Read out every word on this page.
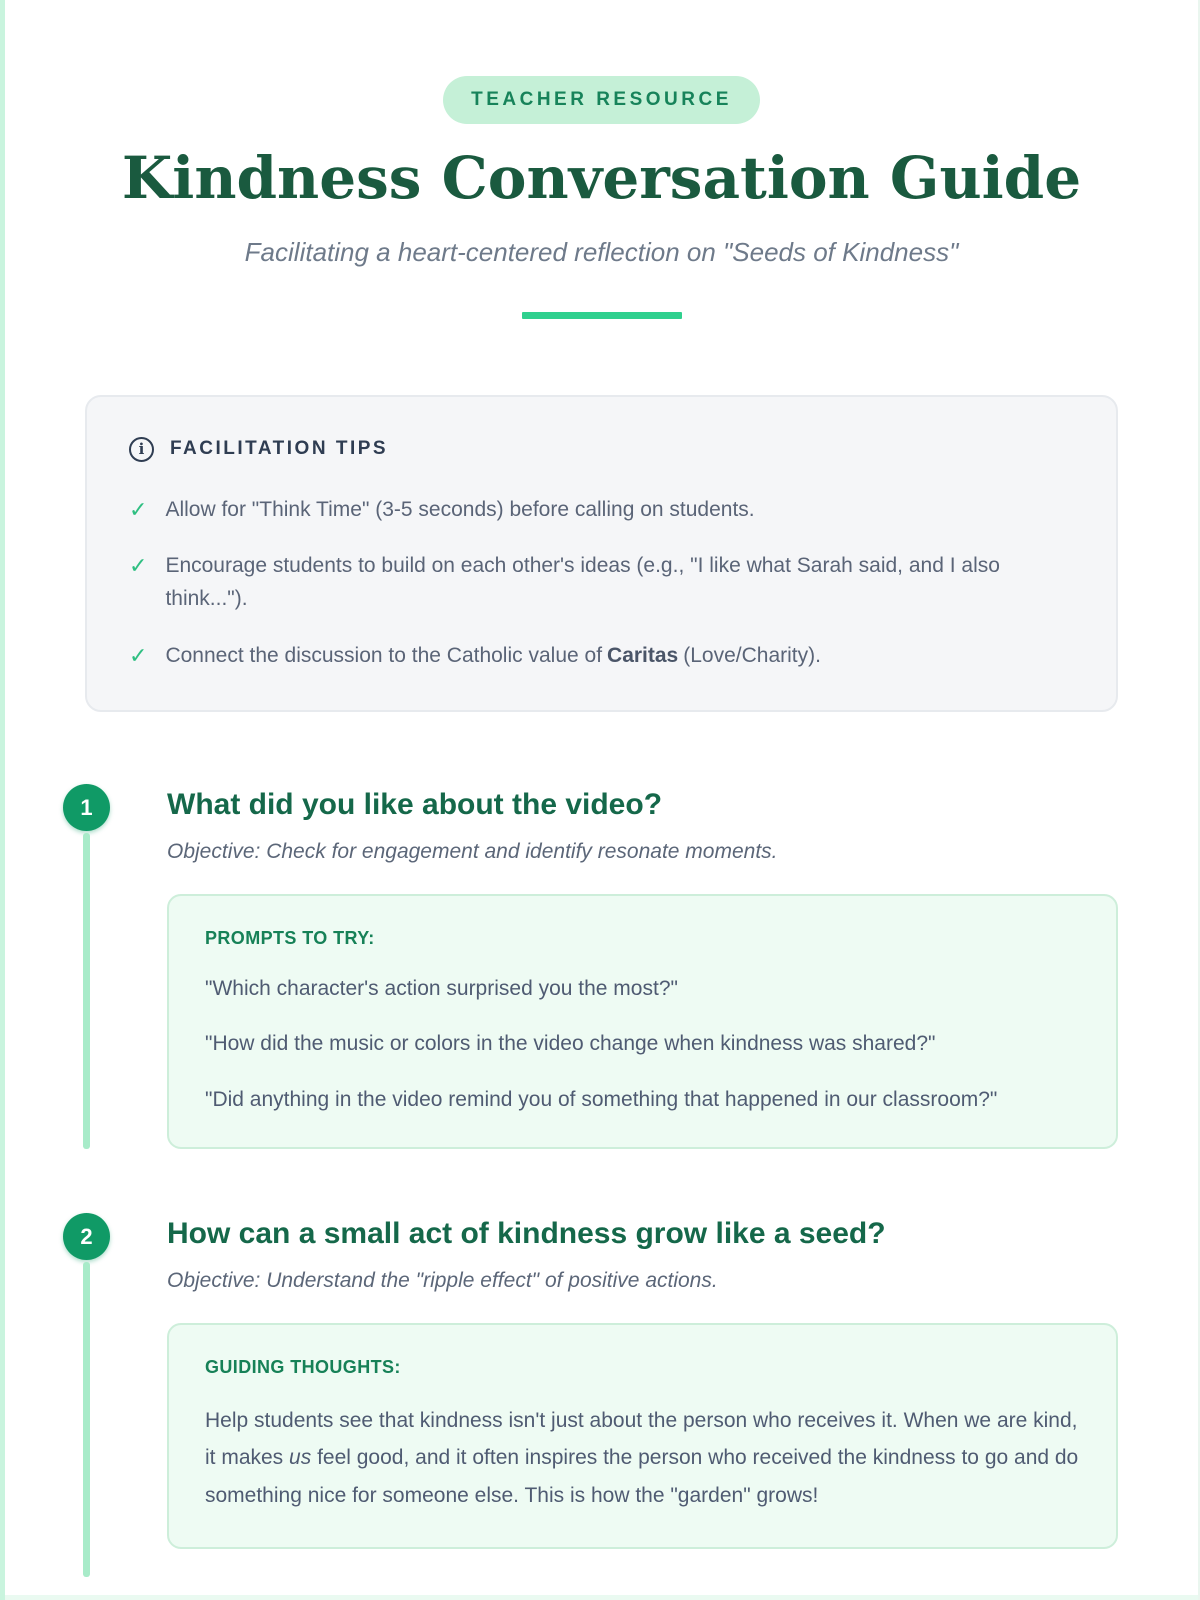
TEACHER RESOURCE
Kindness Conversation Guide

Facilitating a heart-centered reflection on "Seeds of Kindness"

i	FACILITATION TIPS
✓ Allow for "Think Time" (3-5 seconds) before calling on students.
✓ Encourage students to build on each other's ideas (e.g., "I like what Sarah said, and I also think...").
✓ Connect the discussion to the Catholic value of Caritas (Love/Charity).
1	What did you like about the video?

Objective: Check for engagement and identify resonate moments.

PROMPTS TO TRY:

"Which character's action surprised you the most?"

"How did the music or colors in the video change when kindness was shared?"

"Did anything in the video remind you of something that happened in our classroom?"

2	How can a small act of kindness grow like a seed?

Objective: Understand the "ripple effect" of positive actions.

GUIDING THOUGHTS:

Help students see that kindness isn't just about the person who receives it. When we are kind, it makes us feel good, and it often inspires the person who received the kindness to go and do something nice for someone else. This is how the "garden" grows!
